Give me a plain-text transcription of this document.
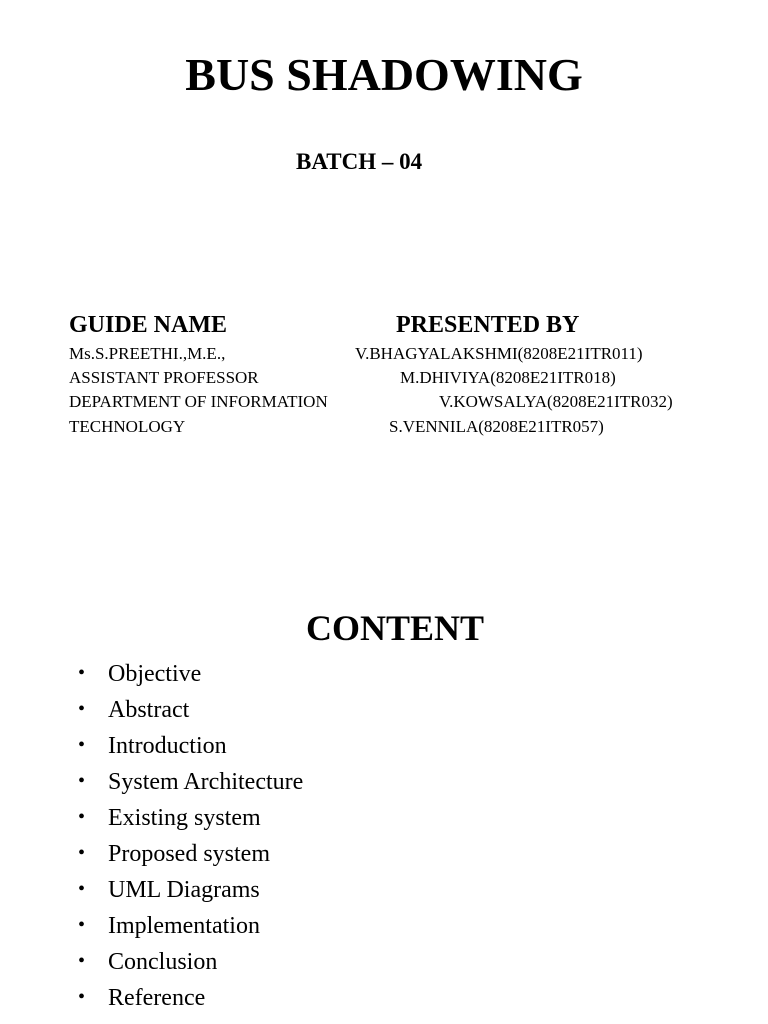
BUS SHADOWING
BATCH – 04
GUIDE NAME	PRESENTED BY
Ms.S.PREETHI.,M.E.,
ASSISTANT PROFESSOR
DEPARTMENT OF INFORMATION
TECHNOLOGY
V.BHAGYALAKSHMI(8208E21ITR011)
M.DHIVIYA(8208E21ITR018)
V.KOWSALYA(8208E21ITR032)
S.VENNILA(8208E21ITR057)
CONTENT
• Objective
• Abstract
• Introduction
• System Architecture
• Existing system
• Proposed system
• UML Diagrams
• Implementation
• Conclusion
• Reference
